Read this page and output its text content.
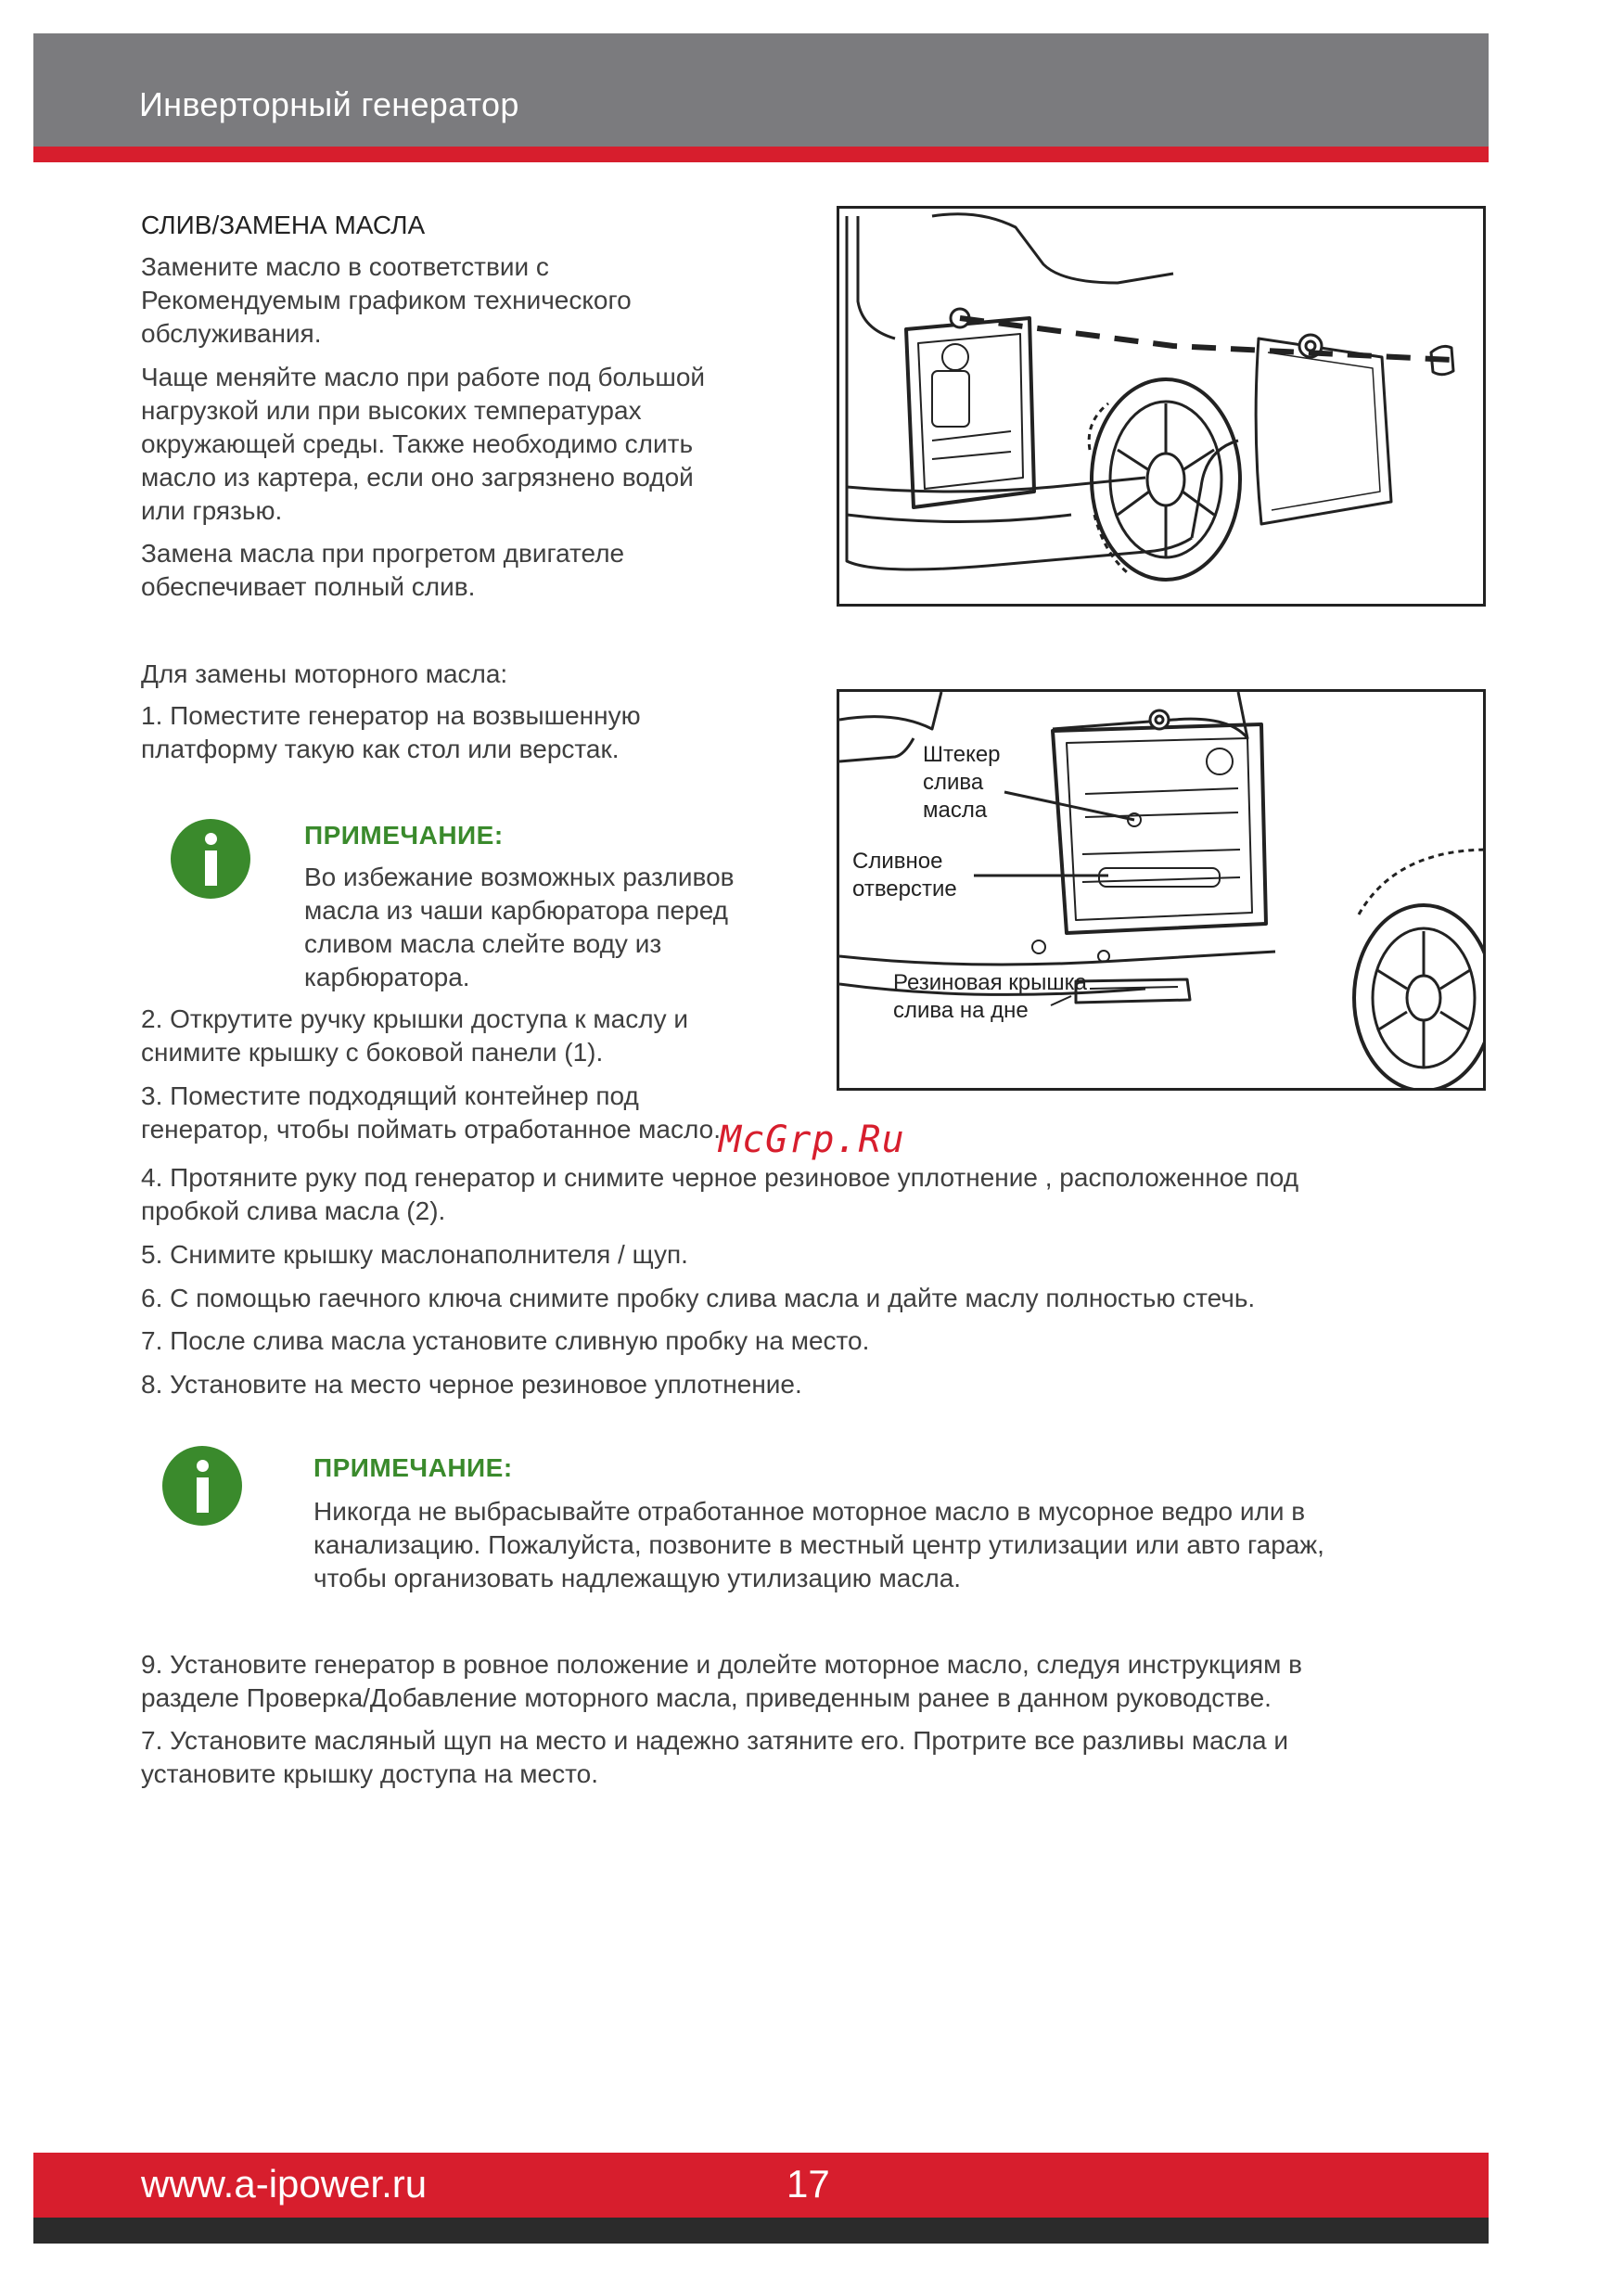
Инверторный генератор
СЛИВ/ЗАМЕНА МАСЛА
Замените масло в соответствии с
Рекомендуемым графиком технического
обслуживания.
Чаще меняйте масло при работе под большой
нагрузкой или при высоких температурах
окружающей среды. Также необходимо слить
масло из картера, если оно загрязнено водой
или грязью.
Замена масла при прогретом двигателе
обеспечивает полный слив.
Для замены моторного масла:
1. Поместите генератор на возвышенную
платформу такую как стол или верстак.
ПРИМЕЧАНИЕ:
Во избежание возможных разливов
масла из чаши карбюратора перед
сливом масла слейте воду из
карбюратора.
2. Открутите ручку крышки доступа к маслу и
снимите крышку с боковой панели (1).
3. Поместите подходящий контейнер под
генератор, чтобы поймать отработанное масло.
McGrp.Ru
4. Протяните руку под генератор и снимите черное резиновое уплотнение , расположенное под
пробкой слива масла (2).
5. Снимите крышку маслонаполнителя / щуп.
6. С помощью гаечного ключа снимите пробку слива масла и дайте маслу полностью стечь.
7. После слива масла установите сливную пробку на место.
8. Установите на место черное резиновое уплотнение.
ПРИМЕЧАНИЕ:
Никогда не выбрасывайте отработанное моторное масло в мусорное ведро или в
канализацию. Пожалуйста, позвоните в местный центр утилизации или авто гараж,
чтобы организовать надлежащую утилизацию масла.
9. Установите генератор в ровное положение и долейте моторное масло, следуя инструкциям в
разделе Проверка/Добавление моторного масла, приведенным ранее в данном руководстве.
7. Установите масляный щуп на место и надежно затяните его. Протрите все разливы масла и
установите крышку доступа на место.
Штекер
слива
масла
Сливное
отверстие
Резиновая крышка
слива на дне
www.a-ipower.ru	17
